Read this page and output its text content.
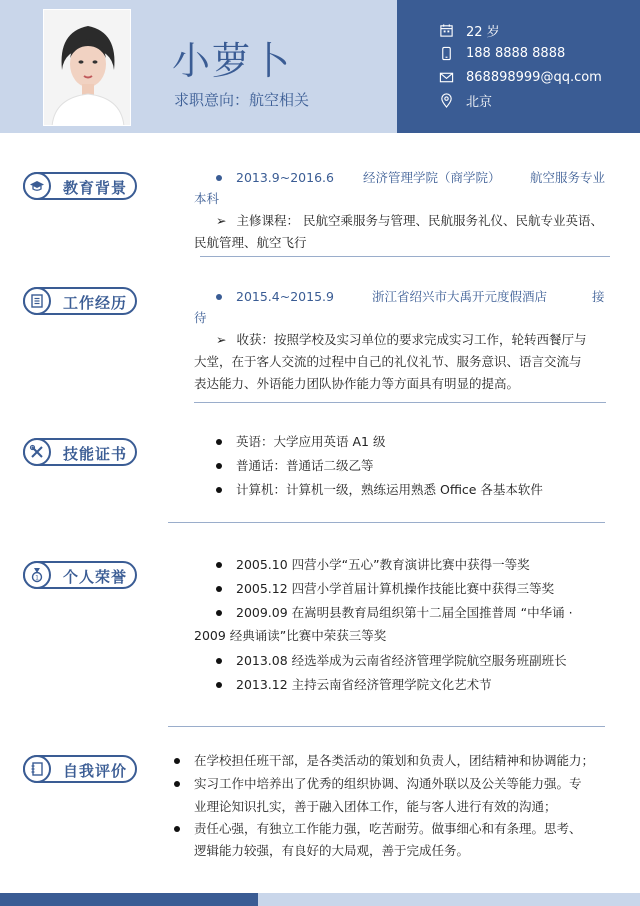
小萝卜
求职意向：航空相关
22 岁
188 8888 8888
868898999@qq.com
北京
教育背景
2013.9~2016.6 经济管理学院（商学院） 航空服务专业
本科
➢ 主修课程： 民航空乘服务与管理、民航服务礼仪、民航专业英语、
民航管理、航空飞行
工作经历	2015.4~2015.9	浙江省绍兴市大禹开元度假酒店	接
待
➢ 收获：按照学校及实习单位的要求完成实习工作，轮转西餐厅与
大堂，在于客人交流的过程中自己的礼仪礼节、服务意识、语言交流与
表达能力、外语能力团队协作能力等方面具有明显的提高。
技能证书
英语：大学应用英语 A1 级
普通话：普通话二级乙等
计算机：计算机一级，熟练运用熟悉 Office 各基本软件
1 个人荣誉
2005.10 四营小学“五心”教育演讲比赛中获得一等奖
2005.12 四营小学首届计算机操作技能比赛中获得三等奖
2009.09 在嵩明县教育局组织第十二届全国推普周 “中华诵 ·
2009 经典诵读”比赛中荣获三等奖
2013.08 经选举成为云南省经济管理学院航空服务班副班长
2013.12 主持云南省经济管理学院文化艺术节
自我评价
在学校担任班干部，是各类活动的策划和负责人，团结精神和协调能力；
实习工作中培养出了优秀的组织协调、沟通外联以及公关等能力强。专
业理论知识扎实，善于融入团体工作，能与客人进行有效的沟通；
责任心强，有独立工作能力强，吃苦耐劳。做事细心和有条理。思考、
逻辑能力较强，有良好的大局观，善于完成任务。
